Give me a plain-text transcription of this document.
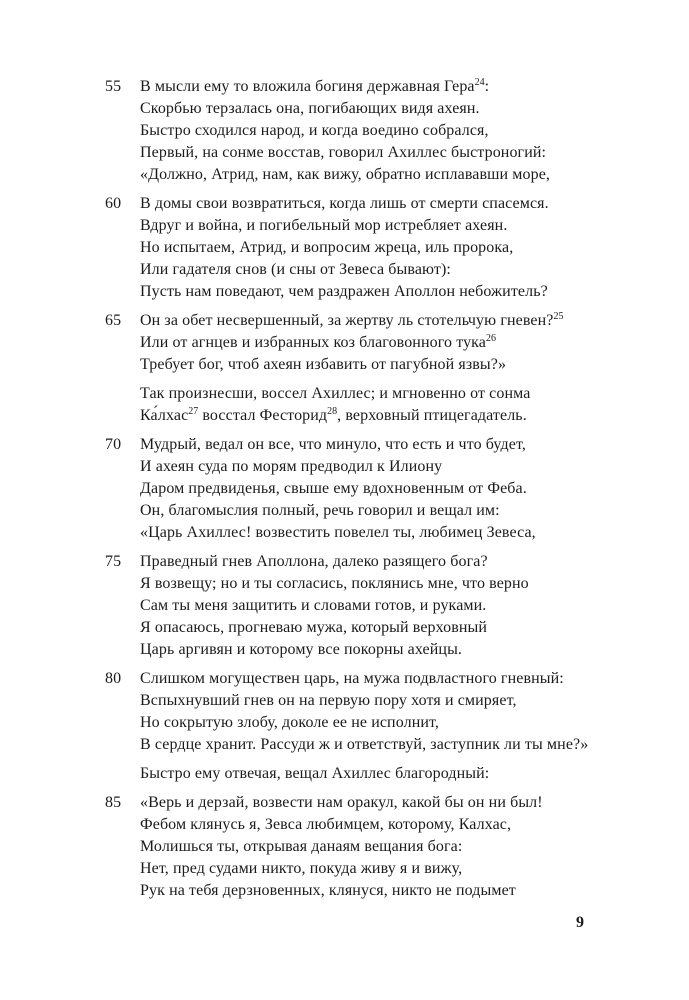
55 В мысли ему то вложила богиня державная Гера$^{24}$:
Скорбью терзалась она, погибающих видя ахеян.
Быстро сходился народ, и когда воедино собрался,
Первый, на сонме восстав, говорил Ахиллес быстроногий:
«Должно, Атрид, нам, как вижу, обратно исплававши море,
60 В домы свои возвратиться, когда лишь от смерти спасемся.
Вдруг и война, и погибельный мор истребляет ахеян.
Но испытаем, Атрид, и вопросим жреца, иль пророка,
Или гадателя снов (и сны от Зевеса бывают):
Пусть нам поведают, чем раздражен Аполлон небожитель?
65 Он за обет несвершенный, за жертву ль стотельчую гневен?$^{25}$
Или от агнцев и избранных коз благовонного тука$^{26}$
Требует бог, чтоб ахеян избавить от пагубной язвы?»
Так произнесши, воссел Ахиллес; и мгновенно от сонма
Ка́лхас$^{27}$ восстал Фесторид$^{28}$, верховный птицегадатель.
70 Мудрый, ведал он все, что минуло, что есть и что будет,
И ахеян суда по морям предводил к Илиону
Даром предвиденья, свыше ему вдохновенным от Феба.
Он, благомыслия полный, речь говорил и вещал им:
«Царь Ахиллес! возвестить повелел ты, любимец Зевеса,
75 Праведный гнев Аполлона, далеко разящего бога?
Я возвещу; но и ты согласись, поклянись мне, что верно
Сам ты меня защитить и словами готов, и руками.
Я опасаюсь, прогневаю мужа, который верховный
Царь аргивян и которому все покорны ахейцы.
80 Слишком могуществен царь, на мужа подвластного гневный:
Вспыхнувший гнев он на первую пору хотя и смиряет,
Но сокрытую злобу, доколе ее не исполнит,
В сердце хранит. Рассуди ж и ответствуй, заступник ли ты мне?»
Быстро ему отвечая, вещал Ахиллес благородный:
85 «Верь и дерзай, возвести нам оракул, какой бы он ни был!
Фебом клянусь я, Зевса любимцем, которому, Калхас,
Молишься ты, открывая данаям вещания бога:
Нет, пред судами никто, покуда живу я и вижу,
Рук на тебя дерзновенных, клянуся, никто не подымет
9
